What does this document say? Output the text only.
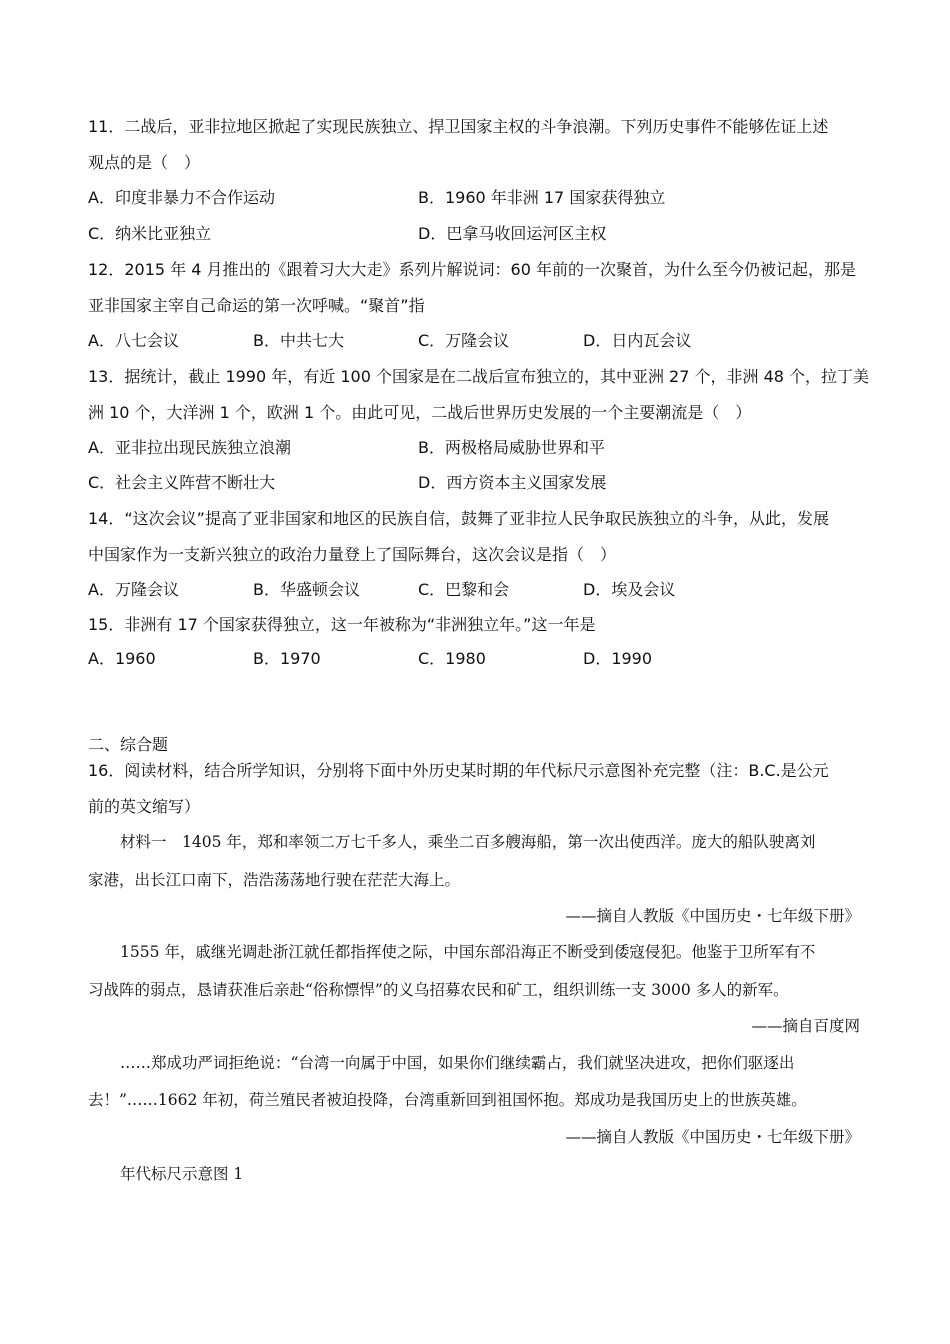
11．二战后，亚非拉地区掀起了实现民族独立、捍卫国家主权的斗争浪潮。下列历史事件不能够佐证上述
观点的是（　）
A．印度非暴力不合作运动	B．1960 年非洲 17 国家获得独立
C．纳米比亚独立	D．巴拿马收回运河区主权
12．2015 年 4 月推出的《跟着习大大走》系列片解说词：60 年前的一次聚首，为什么至今仍被记起，那是
亚非国家主宰自己命运的第一次呼喊。“聚首”指
A．八七会议	B．中共七大	C．万隆会议	D．日内瓦会议
13．据统计，截止 1990 年，有近 100 个国家是在二战后宣布独立的，其中亚洲 27 个，非洲 48 个，拉丁美
洲 10 个，大洋洲 1 个，欧洲 1 个。由此可见，二战后世界历史发展的一个主要潮流是（　）
A．亚非拉出现民族独立浪潮	B．两极格局威胁世界和平
C．社会主义阵营不断壮大	D．西方资本主义国家发展
14．“这次会议”提高了亚非国家和地区的民族自信，鼓舞了亚非拉人民争取民族独立的斗争，从此，发展
中国家作为一支新兴独立的政治力量登上了国际舞台，这次会议是指（　）
A．万隆会议	B．华盛顿会议	C．巴黎和会	D．埃及会议
15．非洲有 17 个国家获得独立，这一年被称为“非洲独立年。”这一年是
A．1960	B．1970	C．1980	D．1990
二、综合题
16．阅读材料，结合所学知识，分别将下面中外历史某时期的年代标尺示意图补充完整（注：B.C.是公元
前的英文缩写）
材料一　1405 年，郑和率领二万七千多人，乘坐二百多艘海船，第一次出使西洋。庞大的船队驶离刘
家港，出长江口南下，浩浩荡荡地行驶在茫茫大海上。
——摘自人教版《中国历史・七年级下册》
1555 年，戚继光调赴浙江就任都指挥使之际，中国东部沿海正不断受到倭寇侵犯。他鉴于卫所军有不
习战阵的弱点，恳请获准后亲赴“俗称慓悍”的义乌招募农民和矿工，组织训练一支 3000 多人的新军。
——摘自百度网
……郑成功严词拒绝说：“台湾一向属于中国，如果你们继续霸占，我们就坚决进攻，把你们驱逐出
去！”……1662 年初，荷兰殖民者被迫投降，台湾重新回到祖国怀抱。郑成功是我国历史上的世族英雄。
——摘自人教版《中国历史・七年级下册》
年代标尺示意图 1
